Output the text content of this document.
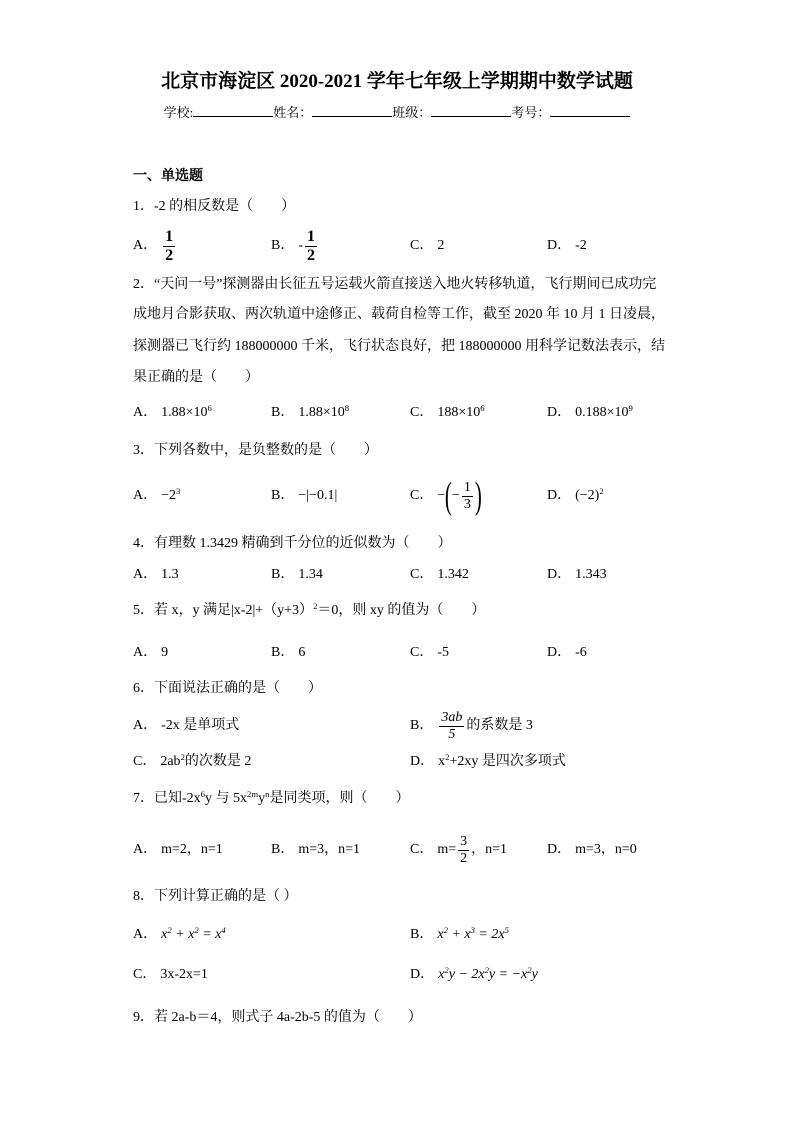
北京市海淀区 2020-2021 学年七年级上学期期中数学试题
学校:	姓名：	班级：	考号：
一、单选题
1．-2 的相反数是（　　）
A． $\frac{1}{2}$	B． - $\frac{1}{2}$	C． 2	D． -2
2．“天问一号”探测器由长征五号运载火箭直接送入地火转移轨道，飞行期间已成功完
成地月合影获取、两次轨道中途修正、载荷自检等工作，截至 2020 年 10 月 1 日凌晨，
探测器已飞行约 188000000 千米，飞行状态良好，把 188000000 用科学记数法表示，结
果正确的是（　　）
A． $1.88\times 10^6$	B． $1.88\times 10^8$	C． $188\times 10^6$	D． $0.188\times 10^9$
3．下列各数中，是负整数的是（　　）
A． $-2^3$	B． −|−0.1|	C． − ( − $\frac{1}{3}$ )	D． $(-2)^2$
4．有理数 1.3429 精确到千分位的近似数为（　　）
A． 1.3	B． 1.34	C． 1.342	D． 1.343
5．若 x，y 满足$|x-2|+(y+3)^2=0$，则 xy 的值为（　　）
A． 9	B． 6	C． -5	D． -6
6．下面说法正确的是（　　）
A． -2x 是单项式	B． $\frac{3ab}{5}$ 的系数是 3
C． $2ab^2$的次数是 2	D． $x^2+2xy$ 是四次多项式
7．已知$-2x^6y$ 与 $5x^{2m}y^n$是同类项，则（　　）
A． m=2，n=1	B． m=3，n=1	C． $m= \frac{3}{2}$ ，n=1	D． m=3，n=0
8．下列计算正确的是（ ）
A． $x^2 + x^2 = x^4$	B． $x^2 + x^3 = 2x^5$
C． 3x-2x=1	D． $x^2y - 2x^2y = -x^2y$
9．若 2a-b＝4，则式子 4a-2b-5 的值为（　　）
